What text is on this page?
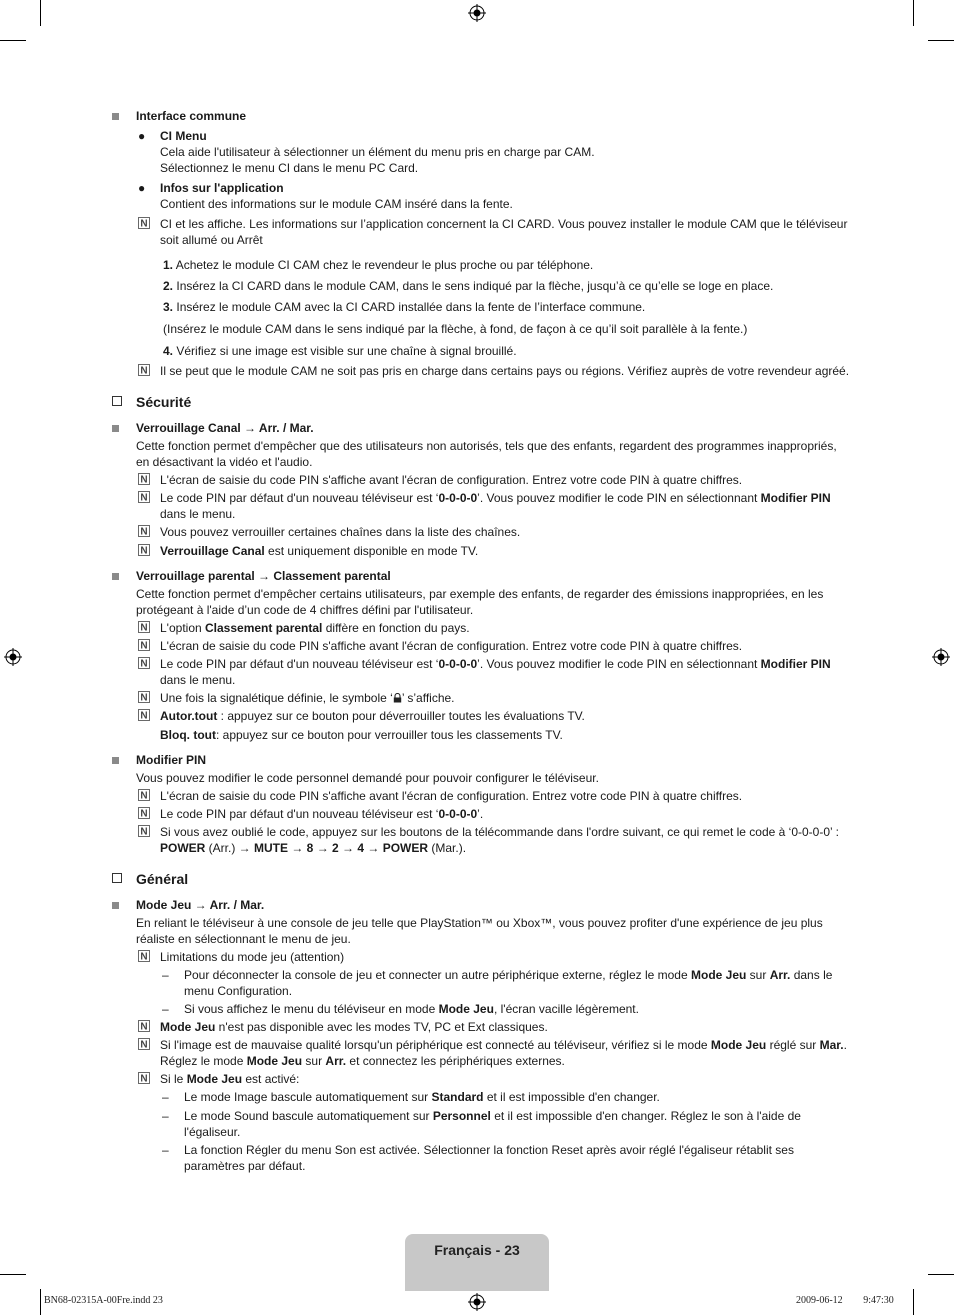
Interface commune
● CI Menu
Cela aide l'utilisateur à sélectionner un élément du menu pris en charge par CAM.
Sélectionnez le menu CI dans le menu PC Card.
● Infos sur l'application
Contient des informations sur le module CAM inséré dans la fente.
N CI et les affiche. Les informations sur l’application concernent la CI CARD. Vous pouvez installer le module CAM que le téléviseur soit allumé ou Arrêt
1. Achetez le module CI CAM chez le revendeur le plus proche ou par téléphone.
2. Insérez la CI CARD dans le module CAM, dans le sens indiqué par la flèche, jusqu’à ce qu’elle se loge en place.
3. Insérez le module CAM avec la CI CARD installée dans la fente de l’interface commune.
(Insérez le module CAM dans le sens indiqué par la flèche, à fond, de façon à ce qu’il soit parallèle à la fente.)
4. Vérifiez si une image est visible sur une chaîne à signal brouillé.
N Il se peut que le module CAM ne soit pas pris en charge dans certains pays ou régions. Vérifiez auprès de votre revendeur agréé.
Sécurité
Verrouillage Canal → Arr. / Mar.
Cette fonction permet d'empêcher que des utilisateurs non autorisés, tels que des enfants, regardent des programmes inappropriés, en désactivant la vidéo et l'audio.
N L'écran de saisie du code PIN s'affiche avant l'écran de configuration. Entrez votre code PIN à quatre chiffres.
N Le code PIN par défaut d'un nouveau téléviseur est ‘0-0-0-0’. Vous pouvez modifier le code PIN en sélectionnant Modifier PIN
dans le menu.
N Vous pouvez verrouiller certaines chaînes dans la liste des chaînes.
N Verrouillage Canal est uniquement disponible en mode TV.
Verrouillage parental → Classement parental
Cette fonction permet d'empêcher certains utilisateurs, par exemple des enfants, de regarder des émissions inappropriées, en les protégeant à l'aide d’un code de 4 chiffres défini par l'utilisateur.
N L'option Classement parental diffère en fonction du pays.
N L'écran de saisie du code PIN s'affiche avant l'écran de configuration. Entrez votre code PIN à quatre chiffres.
N Le code PIN par défaut d'un nouveau téléviseur est ‘0-0-0-0’. Vous pouvez modifier le code PIN en sélectionnant Modifier PIN
dans le menu.
N Une fois la signalétique définie, le symbole ‘ ’ s’affiche.
N Autor.tout : appuyez sur ce bouton pour déverrouiller toutes les évaluations TV.
Bloq. tout: appuyez sur ce bouton pour verrouiller tous les classements TV.
Modifier PIN
Vous pouvez modifier le code personnel demandé pour pouvoir configurer le téléviseur.
N L'écran de saisie du code PIN s'affiche avant l'écran de configuration. Entrez votre code PIN à quatre chiffres.
N Le code PIN par défaut d'un nouveau téléviseur est ‘0-0-0-0’.
N Si vous avez oublié le code, appuyez sur les boutons de la télécommande dans l'ordre suivant, ce qui remet le code à ‘0-0-0-0’ : POWER (Arr.) → MUTE → 8 → 2 → 4 → POWER (Mar.).
Général
Mode Jeu → Arr. / Mar.
En reliant le téléviseur à une console de jeu telle que PlayStation™ ou Xbox™, vous pouvez profiter d'une expérience de jeu plus réaliste en sélectionnant le menu de jeu.
N Limitations du mode jeu (attention)
– Pour déconnecter la console de jeu et connecter un autre périphérique externe, réglez le mode Mode Jeu sur Arr. dans le menu Configuration.
– Si vous affichez le menu du téléviseur en mode Mode Jeu, l'écran vacille légèrement.
N Mode Jeu n'est pas disponible avec les modes TV, PC et Ext classiques.
N Si l'image est de mauvaise qualité lorsqu'un périphérique est connecté au téléviseur, vérifiez si le mode Mode Jeu réglé sur Mar.. Réglez le mode Mode Jeu sur Arr. et connectez les périphériques externes.
N Si le Mode Jeu est activé:
– Le mode Image bascule automatiquement sur Standard et il est impossible d'en changer.
– Le mode Sound bascule automatiquement sur Personnel et il est impossible d'en changer. Réglez le son à l'aide de l'égaliseur.
– La fonction Régler du menu Son est activée. Sélectionner la fonction Reset après avoir réglé l'égaliseur rétablit ses paramètres par défaut.
Français - 23
BN68-02315A-00Fre.indd 23	2009-06-12 ￿￿ 9:47:30
